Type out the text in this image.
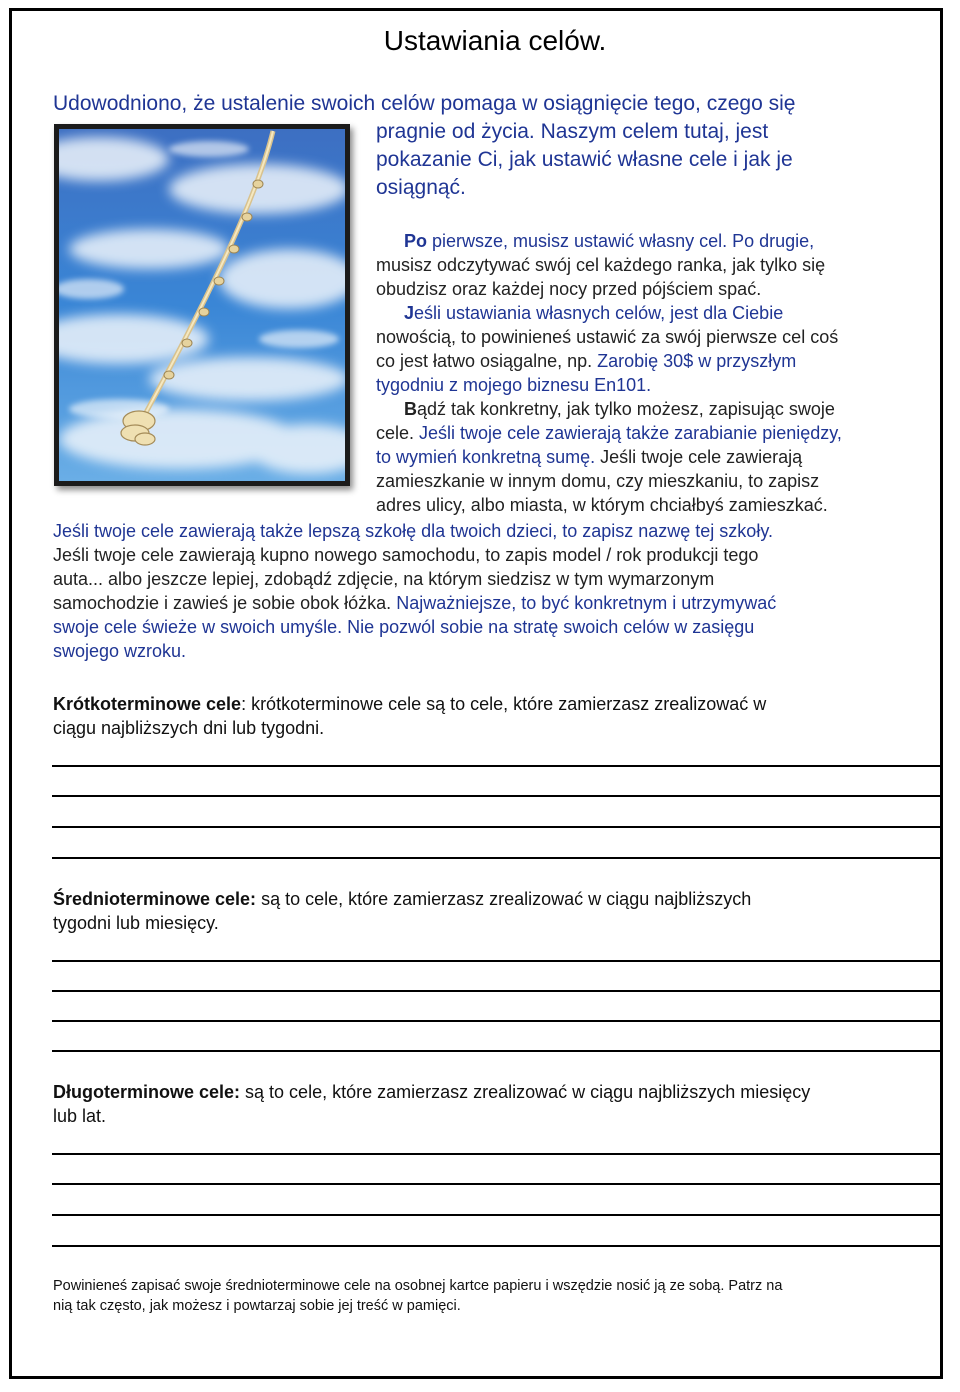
Ustawiania celów.

Udowodniono, że ustalenie swoich celów pomaga w osiągnięcie tego, czego się

pragnie od życia. Naszym celem tutaj, jest

pokazanie Ci, jak ustawić własne cele i jak je

osiągnąć.

Po pierwsze, musisz ustawić własny cel. Po drugie,

musisz odczytywać swój cel każdego ranka, jak tylko się

obudzisz oraz każdej nocy przed pójściem spać.

Jeśli ustawiania własnych celów, jest dla Ciebie

nowością, to powinieneś ustawić za swój pierwsze cel coś

co jest łatwo osiągalne, np. Zarobię 30$ w przyszłym

tygodniu z mojego biznesu En101.

Bądź tak konkretny, jak tylko możesz, zapisując swoje

cele. Jeśli twoje cele zawierają także zarabianie pieniędzy,

to wymień konkretną sumę. Jeśli twoje cele zawierają

zamieszkanie w innym domu, czy mieszkaniu, to zapisz

adres ulicy, albo miasta, w którym chciałbyś zamieszkać.

Jeśli twoje cele zawierają także lepszą szkołę dla twoich dzieci, to zapisz nazwę tej szkoły.

Jeśli twoje cele zawierają kupno nowego samochodu, to zapis model / rok produkcji tego

auta... albo jeszcze lepiej, zdobądź zdjęcie, na którym siedzisz w tym wymarzonym

samochodzie i zawieś je sobie obok łóżka. Najważniejsze, to być konkretnym i utrzymywać

swoje cele świeże w swoich umyśle. Nie pozwól sobie na stratę swoich celów w zasięgu

swojego wzroku.

Krótkoterminowe cele: krótkoterminowe cele są to cele, które zamierzasz zrealizować w

ciągu najbliższych dni lub tygodni.

Średnioterminowe cele: są to cele, które zamierzasz zrealizować w ciągu najbliższych

tygodni lub miesięcy.

Długoterminowe cele: są to cele, które zamierzasz zrealizować w ciągu najbliższych miesięcy

lub lat.

Powinieneś zapisać swoje średnioterminowe cele na osobnej kartce papieru i wszędzie nosić ją ze sobą. Patrz na

nią tak często, jak możesz i powtarzaj sobie jej treść w pamięci.
